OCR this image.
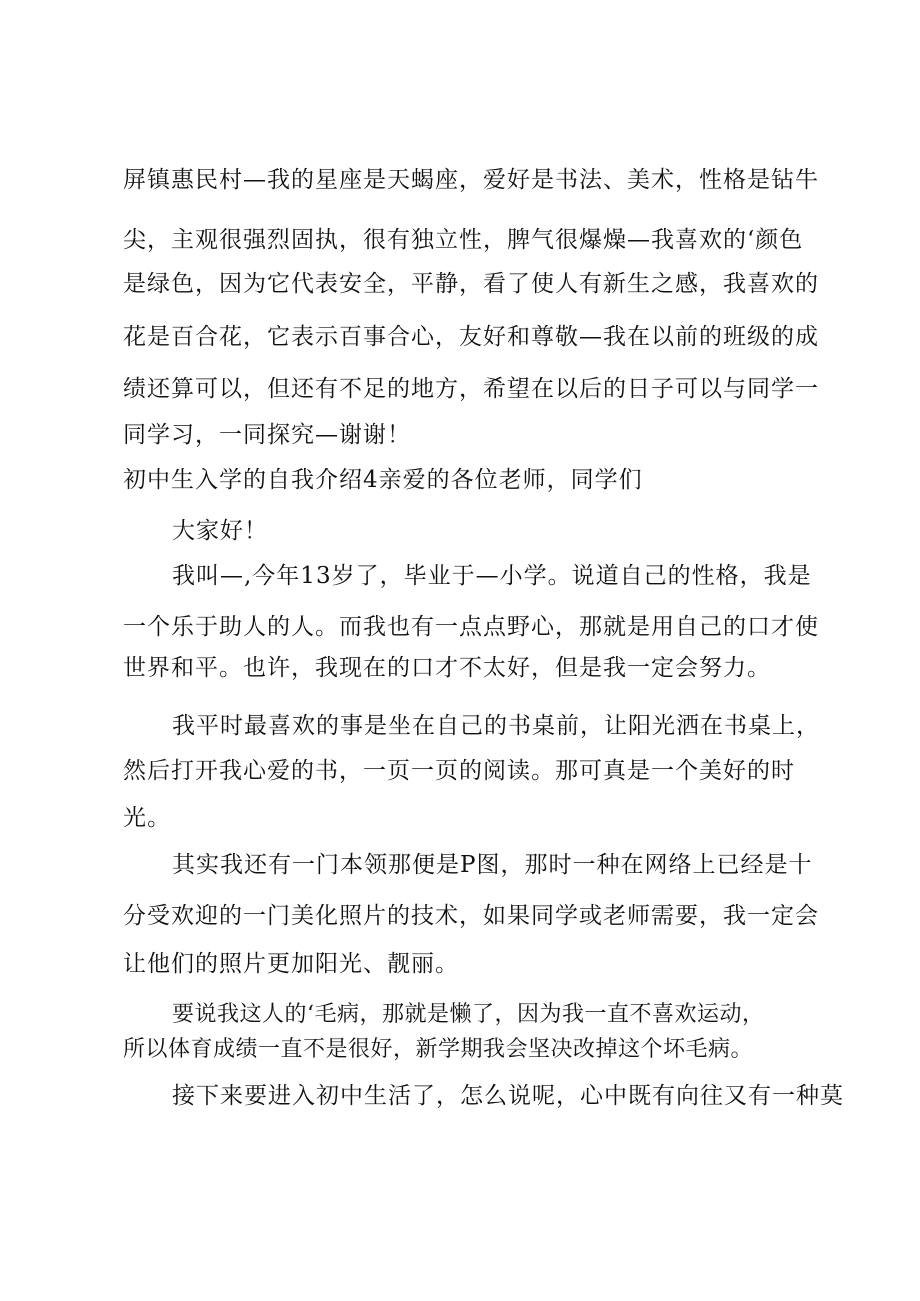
屏镇惠民村—我的星座是天蝎座，爱好是书法、美术，性格是钻牛
尖，主观很强烈固执，很有独立性，脾气很爆燥—我喜欢的‘颜色
是绿色，因为它代表安全，平静，看了使人有新生之感，我喜欢的
花是百合花，它表示百事合心，友好和尊敬—我在以前的班级的成
绩还算可以，但还有不足的地方，希望在以后的日子可以与同学一
同学习，一同探究—谢谢！
初中生入学的自我介绍4亲爱的各位老师，同学们
大家好！
我叫—,今年13岁了，毕业于—小学。说道自己的性格，我是
一个乐于助人的人。而我也有一点点野心，那就是用自己的口才使
世界和平。也许，我现在的口才不太好，但是我一定会努力。
我平时最喜欢的事是坐在自己的书桌前，让阳光洒在书桌上，
然后打开我心爱的书，一页一页的阅读。那可真是一个美好的时
光。
其实我还有一门本领那便是P图，那时一种在网络上已经是十
分受欢迎的一门美化照片的技术，如果同学或老师需要，我一定会
让他们的照片更加阳光、靓丽。
要说我这人的‘毛病，那就是懒了，因为我一直不喜欢运动，
所以体育成绩一直不是很好，新学期我会坚决改掉这个坏毛病。
接下来要进入初中生活了，怎么说呢，心中既有向往又有一种莫
